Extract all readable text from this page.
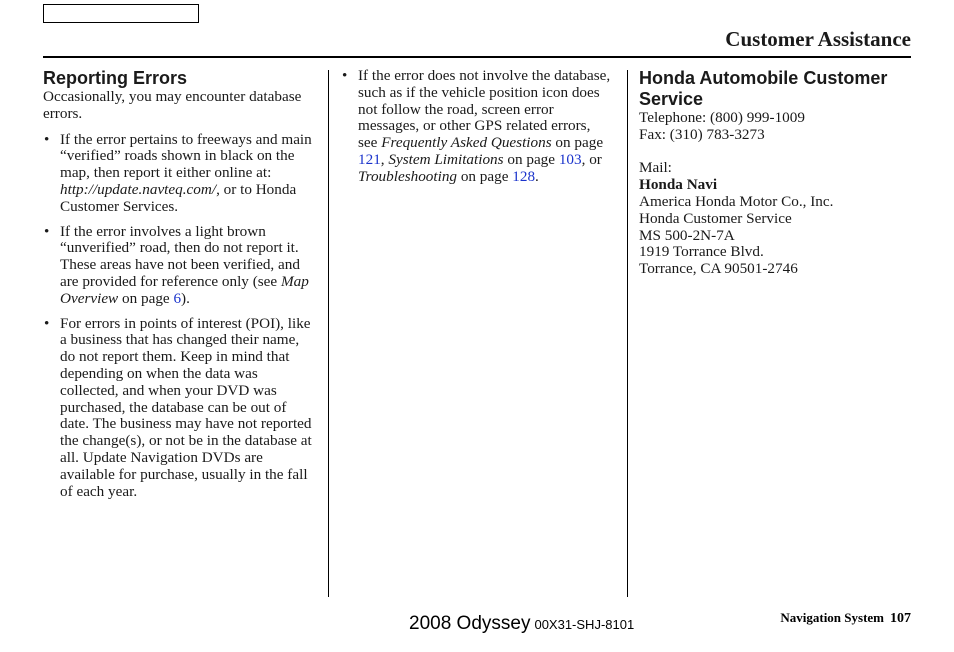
Customer Assistance
Reporting Errors

Occasionally, you may encounter database errors.

• If the error pertains to freeways and main “verified” roads shown in black on the map, then report it either online at:
http://update.navteq.com/, or to Honda Customer Services.
• If the error involves a light brown “unverified” road, then do not report it. These areas have not been verified, and are provided for reference only (see Map Overview on page 6).
• For errors in points of interest (POI), like a business that has changed their name, do not report them. Keep in mind that depending on when the data was collected, and when your DVD was purchased, the database can be out of date. The business may have not reported the change(s), or not be in the database at all. Update Navigation DVDs are available for purchase, usually in the fall of each year.
• If the error does not involve the database, such as if the vehicle position icon does not follow the road, screen error messages, or other GPS related errors, see Frequently Asked Questions on page 121, System Limitations on page 103, or Troubleshooting on page 128.
Honda Automobile Customer Service

Telephone: (800) 999-1009

Fax: (310) 783-3273

Mail:

Honda Navi

America Honda Motor Co., Inc.

Honda Customer Service

MS 500-2N-7A

1919 Torrance Blvd.

Torrance, CA 90501-2746

2008 Odyssey 00X31-SHJ-8101	Navigation System 107
